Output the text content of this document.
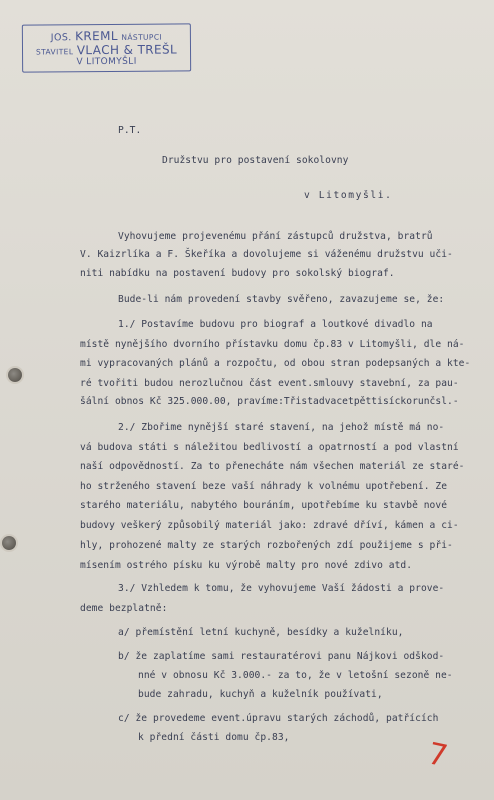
JOS. KREML NÁSTUPCI
STAVITEL VLACH & TREŠL
V LITOMYŠLI
P.T.
Družstvu pro postavení sokolovny
v Litomyšli.
Vyhovujeme projevenému přání zástupců družstva, bratrů
V. Kaizrlíka a F. Škeříka a dovolujeme si váženému družstvu uči-
niti nabídku na postavení budovy pro sokolský biograf.
Bude-li nám provedení stavby svěřeno, zavazujeme se, že:
1./ Postavíme budovu pro biograf a loutkové divadlo na
místě nynějšího dvorního přístavku domu čp.83 v Litomyšli, dle ná-
mi vypracovaných plánů a rozpočtu, od obou stran podepsaných a kte-
ré tvořiti budou nerozlučnou část event.smlouvy stavební, za pau-
šální obnos Kč 325.000.00, pravíme:Třistadvacetpěttisíckorunčsl.-
2./ Zbořime nynější staré stavení, na jehož místě má no-
vá budova státi s náležitou bedlivostí a opatrností a pod vlastní
naší odpovědností. Za to přenecháte nám všechen materiál ze staré-
ho strženého stavení beze vaší náhrady k volnému upotřebení. Ze
starého materiálu, nabytého bouráním, upotřebíme ku stavbě nové
budovy veškerý způsobilý materiál jako: zdravé dříví, kámen a ci-
hly, prohozené malty ze starých rozbořených zdí použijeme s při-
mísením ostrého písku ku výrobě malty pro nové zdivo atd.
3./ Vzhledem k tomu, že vyhovujeme Vaší žádosti a prove-
deme bezplatně:
a/ přemístění letní kuchyně, besídky a kuželníku,
b/ že zaplatíme sami restauratérovi panu Nájkovi odškod-
nné v obnosu Kč 3.000.- za to, že v letošní sezoně ne-
bude zahradu, kuchyň a kuželník používati,
c/ že provedeme event.úpravu starých záchodů, patřících
k přední části domu čp.83,	7
